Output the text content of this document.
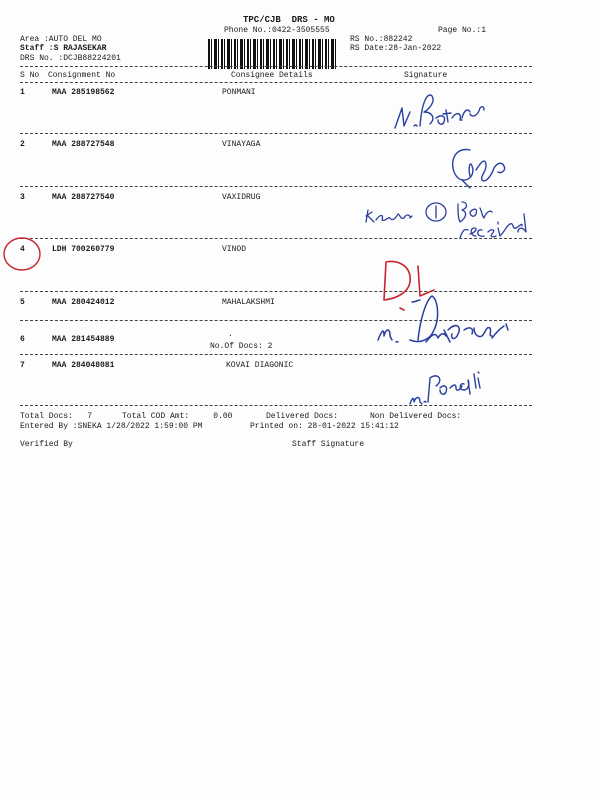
TPC/CJB  DRS - MO
Phone No.:0422-3505555	Page No.:1
Area :AUTO DEL MO
Staff :S RAJASEKAR
DRS No. :DCJB88224201
RS No.:882242
RS Date:28-Jan-2022
S No Consignment No	Consignee Details	Signature
1	MAA 285198562	PONMANI
2	MAA 288727548	VINAYAGA
3	MAA 288727540	VAXIDRUG
4	LDH 700260779	VINOD
5	MAA 280424012	MAHALAKSHMI
6	MAA 281454889
.
No.Of Docs: 2
7	MAA 284048081	KOVAI DIAGONIC
Total Docs:   7	Total COD Amt:     0.00	Delivered Docs:	Non Delivered Docs:
Entered By :SNEKA 1/28/2022 1:59:00 PM	Printed on: 28-01-2022 15:41:12
Verified By	Staff Signature
